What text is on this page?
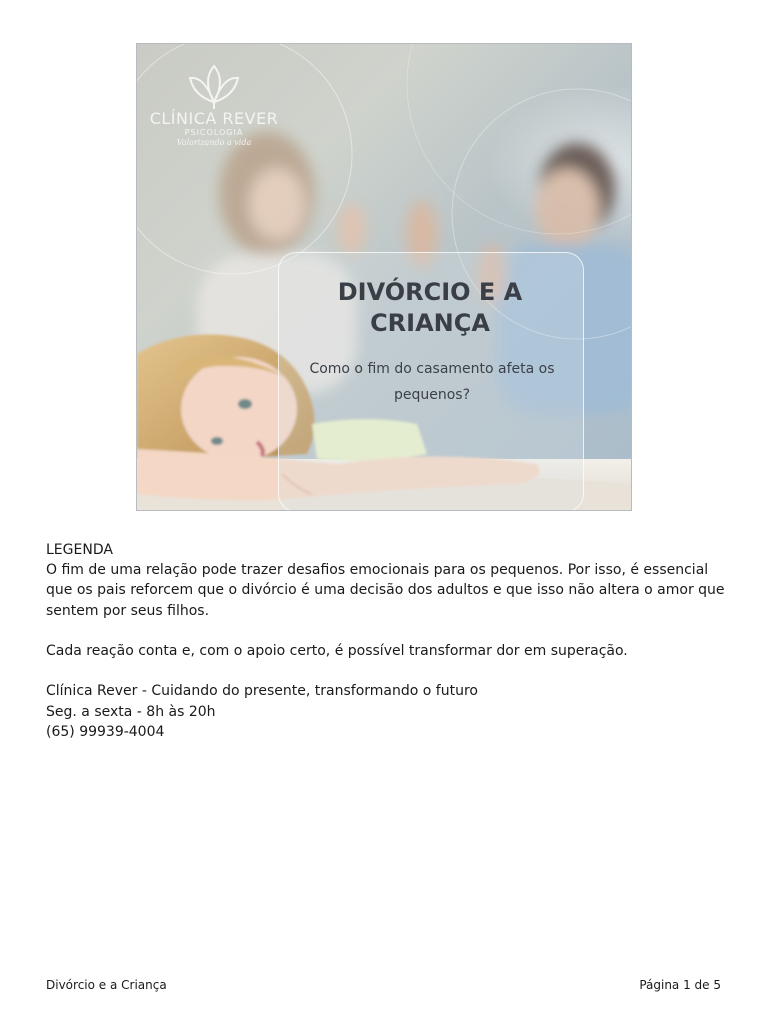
CLÍNICA REVER
PSICOLOGIA
Valorizando a vida
DIVÓRCIO E A
CRIANÇA
Como o fim do casamento afeta os pequenos?

LEGENDA

O fim de uma relação pode trazer desafios emocionais para os pequenos. Por isso, é essencial que os pais reforcem que o divórcio é uma decisão dos adultos e que isso não altera o amor que sentem por seus filhos.

Cada reação conta e, com o apoio certo, é possível transformar dor em superação.

Clínica Rever - Cuidando do presente, transformando o futuro

Seg. a sexta - 8h às 20h

(65) 99939-4004

Divórcio e a Criança	Página 1 de 5
